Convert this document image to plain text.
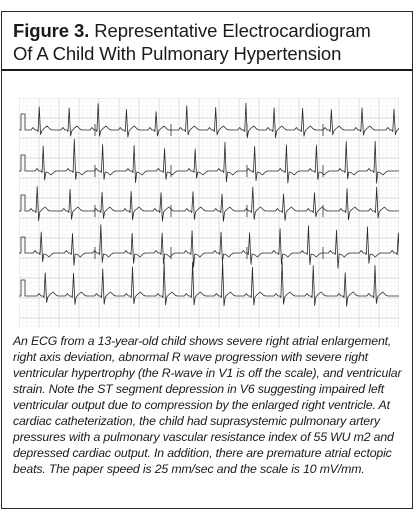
Figure 3. Representative Electrocardiogram
Of A Child With Pulmonary Hypertension
An ECG from a 13-year-old child shows severe right atrial enlargement, right axis deviation, abnormal R wave progression with severe right ventricular hypertrophy (the R-wave in V1 is off the scale), and ventricular strain. Note the ST segment depression in V6 suggesting impaired left ventricular output due to compression by the enlarged right ventricle. At cardiac catheterization, the child had suprasystemic pulmonary artery pressures with a pulmonary vascular resistance index of 55 WU m2 and depressed cardiac output. In addition, there are premature atrial ectopic beats. The paper speed is 25 mm/sec and the scale is 10 mV/mm.
